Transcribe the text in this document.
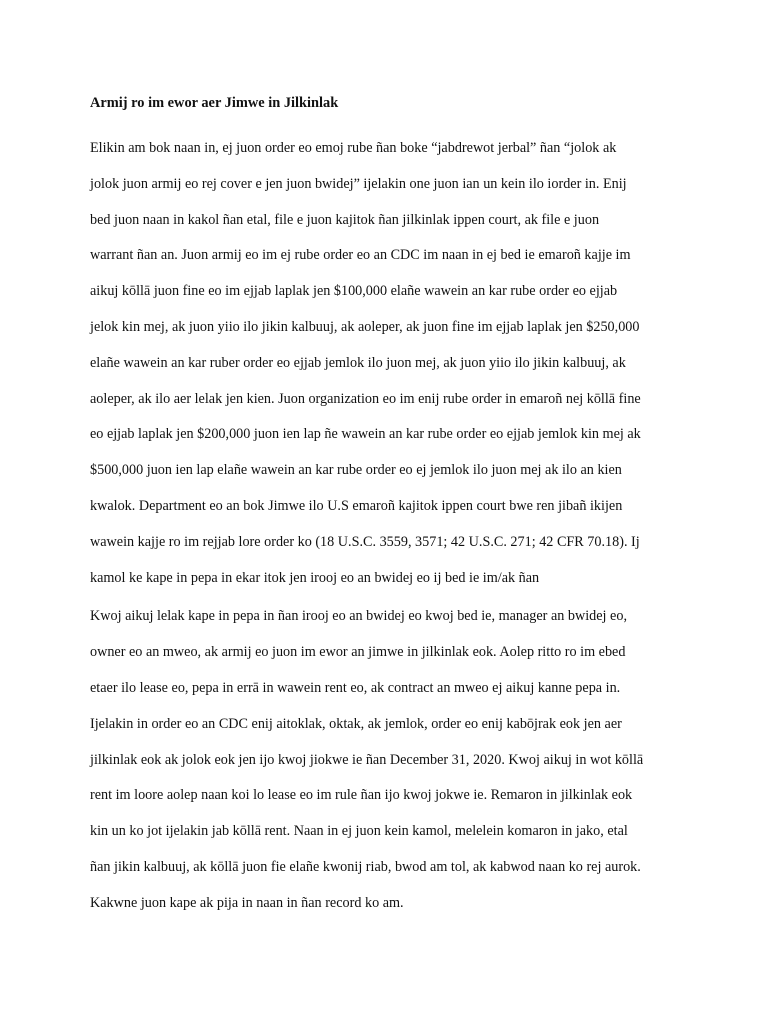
Armij ro im ewor aer Jimwe in Jilkinlak

Elikin am bok naan in, ej juon order eo emoj rube ñan boke “jabdrewot jerbal” ñan “jolok ak
jolok juon armij eo rej cover e jen juon bwidej” ijelakin one juon ian un kein ilo iorder in. Enij
bed juon naan in kakol ñan etal, file e juon kajitok ñan jilkinlak ippen court, ak file e juon
warrant ñan an. Juon armij eo im ej rube order eo an CDC im naan in ej bed ie emaroñ kajje im
aikuj kōllā juon fine eo im ejjab laplak jen $100,000 elañe wawein an kar rube order eo ejjab
jelok kin mej, ak juon yiio ilo jikin kalbuuj, ak aoleper, ak juon fine im ejjab laplak jen $250,000
elañe wawein an kar ruber order eo ejjab jemlok ilo juon mej, ak juon yiio ilo jikin kalbuuj, ak
aoleper, ak ilo aer lelak jen kien. Juon organization eo im enij rube order in emaroñ nej kōllā fine
eo ejjab laplak jen $200,000 juon ien lap ñe wawein an kar rube order eo ejjab jemlok kin mej ak
$500,000 juon ien lap elañe wawein an kar rube order eo ej jemlok ilo juon mej ak ilo an kien
kwalok. Department eo an bok Jimwe ilo U.S emaroñ kajitok ippen court bwe ren jibañ ikijen
wawein kajje ro im rejjab lore order ko (18 U.S.C. 3559, 3571; 42 U.S.C. 271; 42 CFR 70.18). Ij
kamol ke kape in pepa in ekar itok jen irooj eo an bwidej eo ij bed ie im/ak ñan
Kwoj aikuj lelak kape in pepa in ñan irooj eo an bwidej eo kwoj bed ie, manager an bwidej eo,
owner eo an mweo, ak armij eo juon im ewor an jimwe in jilkinlak eok. Aolep ritto ro im ebed
etaer ilo lease eo, pepa in errā in wawein rent eo, ak contract an mweo ej aikuj kanne pepa in.
Ijelakin in order eo an CDC enij aitoklak, oktak, ak jemlok, order eo enij kabōjrak eok jen aer
jilkinlak eok ak jolok eok jen ijo kwoj jiokwe ie ñan December 31, 2020. Kwoj aikuj in wot kōllā
rent im loore aolep naan koi lo lease eo im rule ñan ijo kwoj jokwe ie. Remaron in jilkinlak eok
kin un ko jot ijelakin jab kōllā rent. Naan in ej juon kein kamol, melelein komaron in jako, etal
ñan jikin kalbuuj, ak kōllā juon fie elañe kwonij riab, bwod am tol, ak kabwod naan ko rej aurok.
Kakwne juon kape ak pija in naan in ñan record ko am.
